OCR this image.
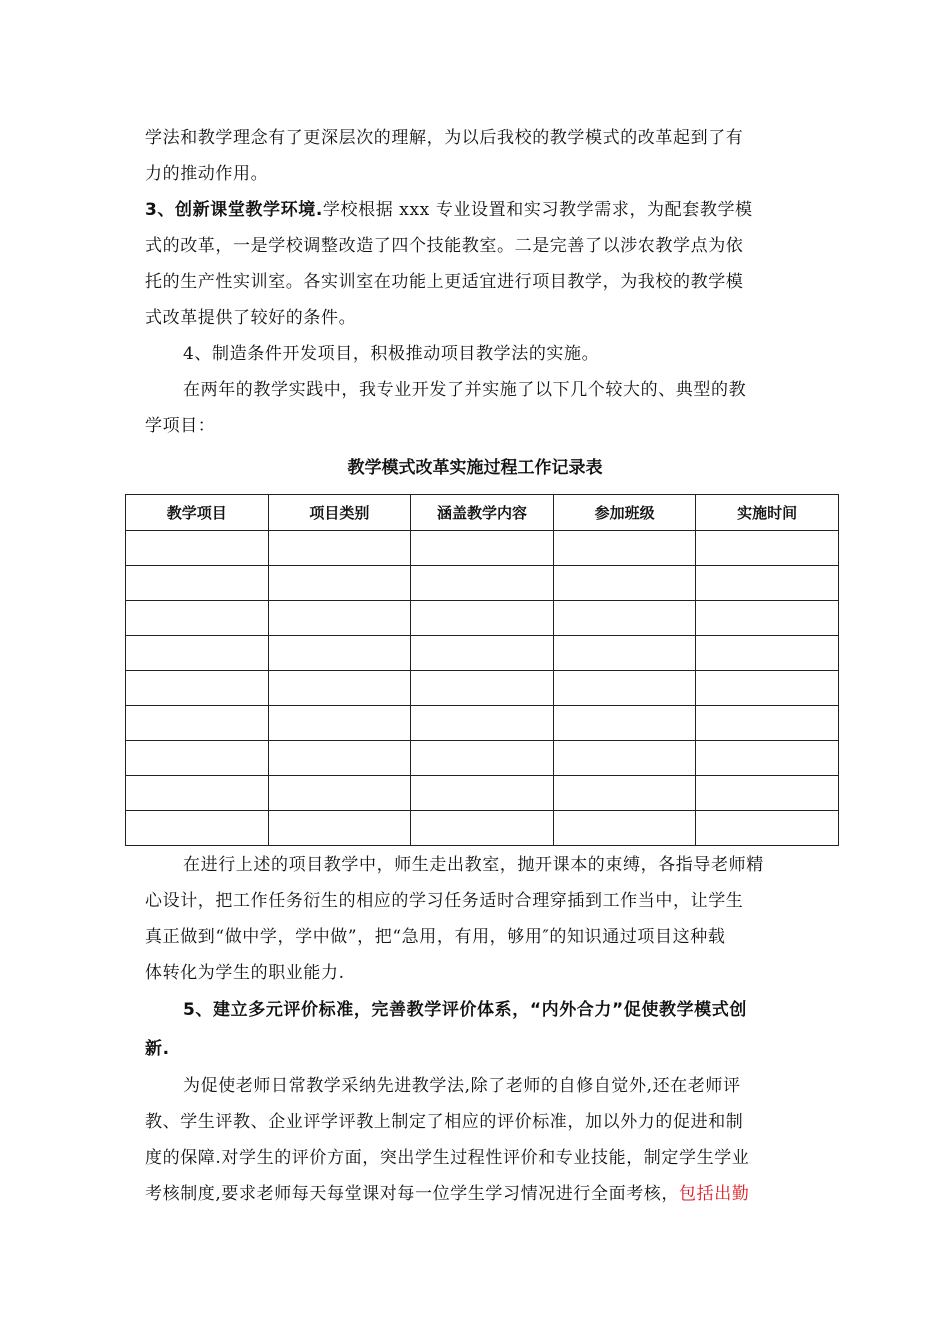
学法和教学理念有了更深层次的理解，为以后我校的教学模式的改革起到了有
力的推动作用。
3、创新课堂教学环境.学校根据 xxx 专业设置和实习教学需求，为配套教学模
式的改革，一是学校调整改造了四个技能教室。二是完善了以涉农教学点为依
托的生产性实训室。各实训室在功能上更适宜进行项目教学，为我校的教学模
式改革提供了较好的条件。
4、制造条件开发项目，积极推动项目教学法的实施。
在两年的教学实践中，我专业开发了并实施了以下几个较大的、典型的教
学项目：
教学模式改革实施过程工作记录表
教学项目	项目类别	涵盖教学内容	参加班级	实施时间

在进行上述的项目教学中，师生走出教室，抛开课本的束缚，各指导老师精
心设计，把工作任务衍生的相应的学习任务适时合理穿插到工作当中，让学生
真正做到“做中学，学中做”，把“急用，有用，够用″的知识通过项目这种载
体转化为学生的职业能力.
5、建立多元评价标准，完善教学评价体系，“内外合力”促使教学模式创
新.
为促使老师日常教学采纳先进教学法,除了老师的自修自觉外,还在老师评
教、学生评教、企业评学评教上制定了相应的评价标准，加以外力的促进和制
度的保障.对学生的评价方面，突出学生过程性评价和专业技能，制定学生学业
考核制度,要求老师每天每堂课对每一位学生学习情况进行全面考核，包括出勤
